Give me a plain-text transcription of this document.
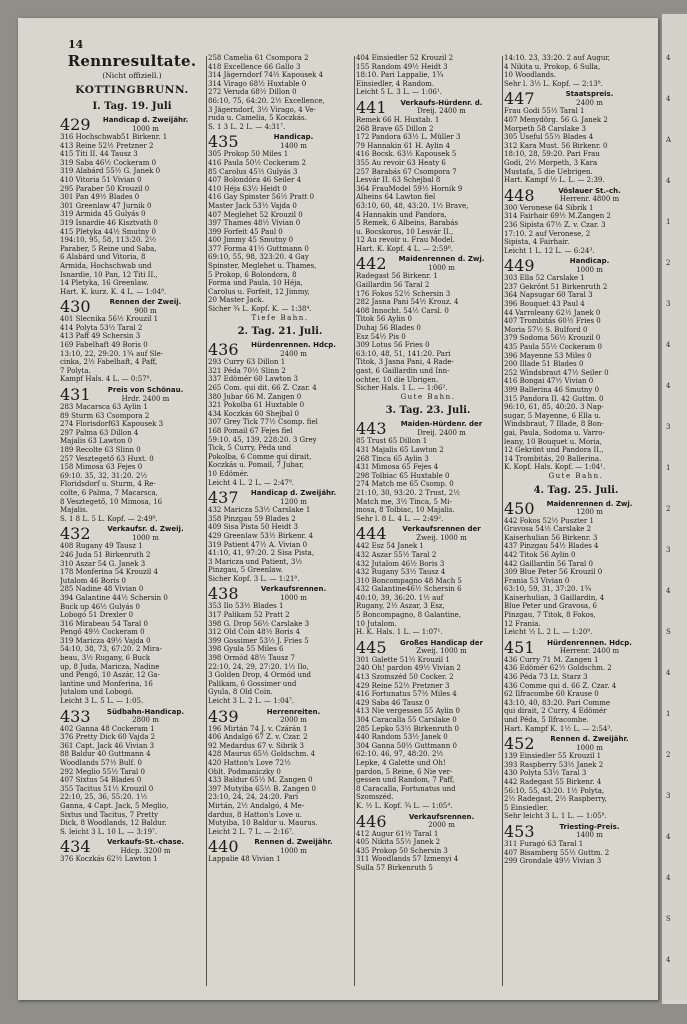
4
4
A
4
1
2
3
4
4
3
1
2
3
4
S
4
1
2
3
4
4
S
4
14
Rennresultate.
(Nicht offiziell.)
KOTTINGBRUNN.
I. Tag. 19. Juli
429	Handicap d. Zweijähr.
1000 m
316 Hochschwab51 Birkenr. 1
413 Reine 52½ Pretzner 2
415 Titi II. 44 Tausz 3
319 Saba 46½ Cockeram 0
319 Alabárd 55½ G. Janek 0
410 Vitoria 51 Vivian 0
295 Paraber 50 Krouzil 0
301 Pan 49½ Blades 0
301 Greenlaw 47 Jurnik 0
319 Armida 45 Gulyás 0
319 Isnardie 46 Kisztvath 0
415 Pletyka 44½ Smutny 0
194:10, 95, 58, 113:20. 2½
Paraber, 5 Reine und Saba,
6 Alabárd und Vitoria, 8
Armida, Hochschwab und
Isnardie, 10 Pan, 12 Titi II.,
14 Pletyka, 16 Greenlaw.
Hart. K. kurz. K. 4 L. — 1:04⁸.
430	Rennen der Zweij.
900 m
401 Slecnika 56½ Krouzil 1
414 Polyta 53½ Taral 2
413 Paff 49 Schersin 3
169 Fabelhaft 49 Boris 0
13:10, 22, 29:20. 1¾ auf Sle-
cinka, 2½ Fabelhaft, 4 Paff,
7 Polyta.
Kampf Hals. 4 L. — 0:57⁸.
431	Preis von Schönau.
Hrdr. 2400 m
283 Macarsca 63 Aylin 1
89 Sturm 63 Csompora 2
274 Florisdorf63 Kapousek 3
297 Palma 63 Dillon 4
Majalis 63 Lawton 0
189 Recolte 63 Slinn 0
257 Vesztegető 63 Huxt. 0
158 Mimosa 63 Fejes 0
69:10. 35, 32, 31:20. 2½
Floridsdorf u. Sturm, 4 Re-
colte, 6 Palma, 7 Macarsca,
8 Vesztegető, 10 Mimosa, 16
Majalis.
S. 1 8 L. 5 L. Kopf. — 2:49⁸.
432	Verkaufsr. d. Zweij.
1000 m
408 Rugany 49 Tausz 1
246 Juda 51 Birkenruth 2
310 Aszar 54 G. Janek 3
178 Monferina 54 Krouzil 4
Jutalom 46 Boris 0
285 Nadine 48 Vivian 0
394 Galantine 44½ Schersin 0
Buck up 46½ Gulyás 0
Lobogó 51 Drexler 0
316 Mirabeau 54 Taral 0
Pengő 49½ Cockeram 0
319 Maricza 49½ Vajda 0
54:10, 38, 73, 67:20. 2 Mira-
beau, 3½ Rugany, 6 Buck
up, 8 Juda, Maricza, Nadine
und Pengő, 10 Aszár, 12 Ga-
lantine und Monferina, 16
Jutalom und Lobogó.
Leicht 3 L. 5 L. — 1:05.
433	Südbahn-Handicap.
2800 m
402 Ganna 48 Cockeram 1
376 Pretty Dick 60 Vajda 2
361 Capt. Jack 46 Vivian 3
88 Baldur 40 Guttmann 4
Woodlands 57½ Bulf. 0
292 Meglio 55½ Taral 0
407 Sixtus 54 Blades 0
355 Tacitus 51½ Krouzil 0
22:10, 25, 36, 55:20. 1½
Ganna, 4 Capt. Jack, 5 Meglio,
Sixtus und Tacitus, 7 Pretty
Dick, 8 Woodlands, 12 Baldur.
S. leicht 3 L. 10 L. — 3:19⁷.
434	Verkaufs-St.-chase.
Hdcp. 3200 m
376 Koczkás 62½ Lawton 1
258 Camelia 61 Csompora 2
418 Excellence 66 Gallo 3
314 Jägerndorf 74½ Kapousek 4
314 Virago 68½ Huxtable 0
272 Veruda 68½ Dillon 0
86:10, 75, 64:20. 2½ Excellence,
3 Jägerndorf, 3½ Virago, 4 Ve-
ruda u. Camelia, 5 Koczkás.
S. 1 3 L. 2 L. — 4:31⁷.
435	Handicap.
1400 m
305 Prokop 50 Miles 1
416 Paula 50½ Cockeram 2
85 Carolus 45½ Gulyás 3
407 Bolondóra 46 Seiler 4
410 Héja 63½ Heidt 0
416 Gay Spinster 56½ Pratt 0
Master Jack 53½ Vajda 0
407 Meglehet 52 Krouzil 0
397 Thames 48½ Vivian 0
399 Forfeit 45 Paul 0
400 Jimmy 45 Smutny 0
377 Forma 41½ Guttmann 0
69:10, 55, 98, 323:20. 4 Gay
Spinster, Meglehet u. Thames,
5 Prokop, 6 Bolondora, 8
Forma und Paula, 10 Héja,
Carolus u. Forfeit, 12 Jimmy,
20 Master Jack.
Sicher ¾ L. Kopf. K. — 1:38⁴.
Tiefe Bahn.
2. Tag. 21. Juli.
436	Hürdenrennen. Hdcp.
2400 m
293 Curry 63 Dillon 1
321 Péda 70½ Slinn 2
337 Edömér 60 Lawton 3
265 Com. qui dit. 66 Z. Czar. 4
380 Jubar 66 M. Zangen 0
321 Pokolba 61 Huxtable 0
434 Koczkás 60 Shejbal 0
307 Grey Tick 77½ Csomp. fiel
168 Pomail 67 Fejes fiel
59:10. 45, 139, 228:20. 3 Grey
Tick, 5 Curry, Péda und
Pokolba, 6 Comme qui dirait,
Koczkás u. Pomail, 7 Jubar,
10 Edömér.
Leicht 4 L. 2 L. — 2:47⁸.
437	Handicap d. Zweijähr.
1200 m
432 Maricza 53½ Carslake 1
358 Pinzgau 59 Blades 2
409 Sisa Pista 50 Heidt 3
429 Greenlaw 53½ Birkenr. 4
319 Patient 47½ A. Vivian 0
41:10, 41, 97:20. 2 Sisa Pista,
3 Maricza und Patient, 3½
Pinzgau, 5 Greenlaw.
Sicher Kopf. 3 L. — 1:21⁸.
438	Verkaufsrennen.
1000 m
353 Ilo 53½ Blades 1
317 Palikam 52 Pratt 2
398 G. Drop 56½ Carslake 3
312 Old Coin 48½ Boris 4
399 Gossimer 53½ J. Fries 5
398 Gyula 55 Miles 6
398 Ormód 48½ Tausz 7
22:10, 24, 29, 27:20. 1½ Ilo,
3 Golden Drop, 4 Ormód und
Palikam, 6 Gossimer und
Gyula, 8 Old Coin.
Leicht 3 L. 2 L. — 1:04⁷.
439	Herrenreiten.
2000 m
196 Mirtán 74 J. v. Czárán 1
406 Andalgó 67 Z. v. Czar. 2
92 Medardus 67 v. Sibrik 3
428 Maurus 65½ Goldschm. 4
420 Hatton's Love 72½
Oblt. Podmaniczky 0
433 Baldur 65½ M. Zangen 0
397 Mutyiba 65½ B. Zangen 0
23:10, 24, 24, 24:20. Pari
Mirtán, 2½ Andalgó, 4 Me-
dardus, 8 Hatton's Love u.
Mutyiba, 10 Baldur u. Maurus.
Leicht 2 L. 7 L. — 2:16⁷.
440	Rennen d. Zweijähr.
1000 m
Lappalie 48 Vivian 1
404 Einsiedler 52 Krouzil 2
155 Random 49½ Heidt 3
18:10. Pari Lappalie, 1¾
Einsiedler, 4 Random.
Leicht 5 L. 3 L. — 1:06¹.
441	Verkaufs-Hürdenr. d.
Dreij. 2400 m
Remek 66 H. Huxtab. 1
268 Brave 65 Dillon 2
172 Pandora 63½ L. Müller 3
79 Hannakin 61 H. Aylin 4
416 Bocsk. 63½ Kapousek 5
355 Au revoir 63 Heaty 6
257 Barabás 67 Csompora 7
Lesvár II. 63 Schejbal 8
364 FrauModel 59½ Hornik 9
Albeins 64 Lawton fiel
63:10, 60, 48, 43:20. 1½ Brave,
4 Hannakin und Pandora,
5 Remek, 6 Albeins, Barabás
u. Bocskoros, 10 Lesvár II.,
12 Au revoir u. Frau Model.
Hart. K. Kopf. 4 L. — 2:59⁸.
442	Maidenrennen d. Zwj.
1000 m
Radegast 56 Birkenr. 1
Gaillardin 56 Taral 2
176 Fokos 52½ Schersin 3
282 Jasna Pani 54½ Krouz. 4
408 Innocht. 54½ Carsl. 0
Titok 56 Aylin 0
Duhaj 56 Blades 0
Esz 54½ Pis 0
309 Lotus 56 Fries 0
63:10, 48, 51, 141:20. Pari
Titok, 3 Jasna Pani, 4 Rade-
gast, 6 Gaillardin und Inn-
ochter, 10 die Übrigen.
Sicher Hals. 1 L. — 1:06².
Gute Bahn.
3. Tag. 23. Juli.
443	Maiden-Hürdenr. der
Dreij. 2400 m
85 Trust 65 Dillon 1
431 Majalis 65 Lawton 2
268 Tinca 65 Aylin 3
431 Mimosa 65 Fejes 4
298 Tolbiac 65 Huxtable 0
274 Match me 65 Csomp. 0
21:10, 30, 93:20. 2 Trust, 2½
Match me, 3½ Tinca, 5 Mi-
mosa, 8 Tolbiac, 10 Majalis.
Sehr l. 8 L. 4 L. — 2:49².
444	Verkaufsrennen der
Zweij. 1000 m
442 Esz 54 Janek 1
432 Aszar 55½ Taral 2
432 Jutalom 46½ Boris 3
432 Rugany 53½ Tausz 4
310 Boncompagno 48 Mach 5
432 Galantine46½ Schersin 6
40:10, 39, 36:20. 1½ auf
Rugany, 2½ Aszar, 3 Esz,
5 Boncompagno, 8 Galantine,
10 Jutalom.
H. K. Hals. 1 L. — 1:07¹.
445	Großes Handicap der
Zweij. 1000 m
301 Galette 51½ Krouzil 1
240 Oh! pardon 49½ Vivian 2
413 Szomszéd 50 Cocker. 2
429 Reine 52½ Pretzner 3
416 Fortunatus 57½ Miles 4
429 Saba 46 Tausz 0
413 Nie vergessen 55 Aylin 0
304 Caracalla 55 Carslake 0
285 Lepko 53½ Birkenruth 0
440 Random 53½ Janek 0
304 Ganna 50½ Guttmann 0
62:10. 46, 97, 48:20. 2½
Lepke, 4 Galette und Oh!
pardon, 5 Reine, 6 Nie ver-
gessen und Random, 7 Paff,
8 Caracalla, Fortunatus und
Szomszéd.
K. ½ L. Kopf. ¾ L. — 1:05⁴.
446	Verkaufsrennen.
2000 m
412 Augur 61½ Taral 1
405 Nikita 55½ Janek 2
435 Prokop 50 Schersin 3
311 Woodlands 57 Izmenyi 4
Sulla 57 Birkenruth 5
14:10. 23, 33:20. 2 auf Augur,
4 Nikita u. Prokop, 6 Sulla,
10 Woodlands.
Sehr l. 3½ L. Kopf. — 2:13⁸.
447	Staatspreis.
2400 m
Frau Godi 55½ Taral 1
407 Menydörg. 56 G. Janek 2
Morpeth 58 Carslake 3
305 Useful 55½ Blades 4
312 Kara Must. 56 Birkenr. 0
18:10, 28, 59:20. Pari Frau
Godi, 2½ Morpeth, 3 Kara
Mustafa, 5 die Uebrigen.
Hart. Kampf ½ L. L. — 2:39.
448	Vöslauer St.-ch.
Herrenr. 4800 m
300 Veronese 64 Sibrik 1
314 Fairhair 69½ M.Zangen 2
236 Sipista 67½ Z. v. Czar. 3
17:10. 2 auf Veronese, 2
Sipista, 4 Fairhair.
Leicht 1 L. 12 L. — 6:24³.
449	Handicap.
1000 m
303 Ella 52 Carslake 1
237 Gekrönt 51 Birkenruth 2
364 Napsugar 60 Taral 3
396 Bouquet 43 Paul 4
44 Varroleany 62½ Janek 0
407 Trombitás 60½ Fries 0
Moria 57½ S. Bulford 0
379 Sodoma 56½ Krouzil 0
435 Paula 55½ Cockeram 0
396 Mayenne 53 Miles 0
200 Illade 51 Blades 0
252 Windsbraut 47½ Seiler 0
416 Bongai 47½ Vivian 0
399 Ballerina 46 Smutny 0
315 Pandora II. 42 Guttm. 0
96:10, 61, 85, 40:20. 3 Nap-
sugar, 5 Mayenne, 6 Ella u.
Windsbraut, 7 Illade, 8 Bon-
gai, Paula, Sodoma u. Varro-
leany, 10 Bouquet u. Moria,
12 Gekrönt und Pandora II.,
14 Trombitás, 20 Ballerina.
K. Kopf. Hals. Kopf. — 1:04¹.
Gute Bahn.
4. Tag. 25. Juli.
450	Maidenrennen d. Zwj.
1200 m
442 Fokos 52½ Puszter 1
Gravosa 54½ Carslake 2
Kaiserhulian 56 Birkenr. 3
437 Pinzgau 54½ Blades 4
442 Titok 56 Aylin 0
442 Gaillardin 56 Taral 0
309 Blue Peter 56 Krouzil 0
Frania 53 Vivian 0
63:10, 59, 31, 37:20. 1¾
Kaiserhulian, 3 Gaillardin, 4
Blue Peter und Gravosa, 6
Pinzgau, 7 Titok, 8 Fokos,
12 Frania.
Leicht ½ L. 2 L. — 1:20⁹.
451	Hürdenrennen. Hdcp.
Herrenr. 2400 m
436 Curry 71 M. Zangen 1
436 Edömér 62½ Goldschm. 2
436 Péda 73 Lt. Starz 3
436 Comme qui d. 66 Z. Czar. 4
62 Ilfracombe 60 Krause 0
43:10, 40, 83:20. Pari Comme
qui dirait, 2 Curry, 4 Edömér
und Péda, 5 Ilfracombe.
Hart. Kampf K. 1½ L. — 2:54³.
452	Rennen d. Zweijähr.
1000 m
139 Einsiedler 55 Krouzil 1
393 Raspberry 53½ Janek 2
430 Polyta 53½ Taral 3
442 Radegast 55 Birkenr. 4
56:10, 55, 43:20. 1½ Polyta,
2½ Radegast, 2½ Raspberry,
5 Einsiedler.
Sehr leicht 3 L. 1 L. — 1:05⁸.
453	Triesting-Preis.
1400 m
311 Furagó 63 Taral 1
407 Bisamberg 55½ Guttm. 2
299 Grondale 49½ Vivian 3
